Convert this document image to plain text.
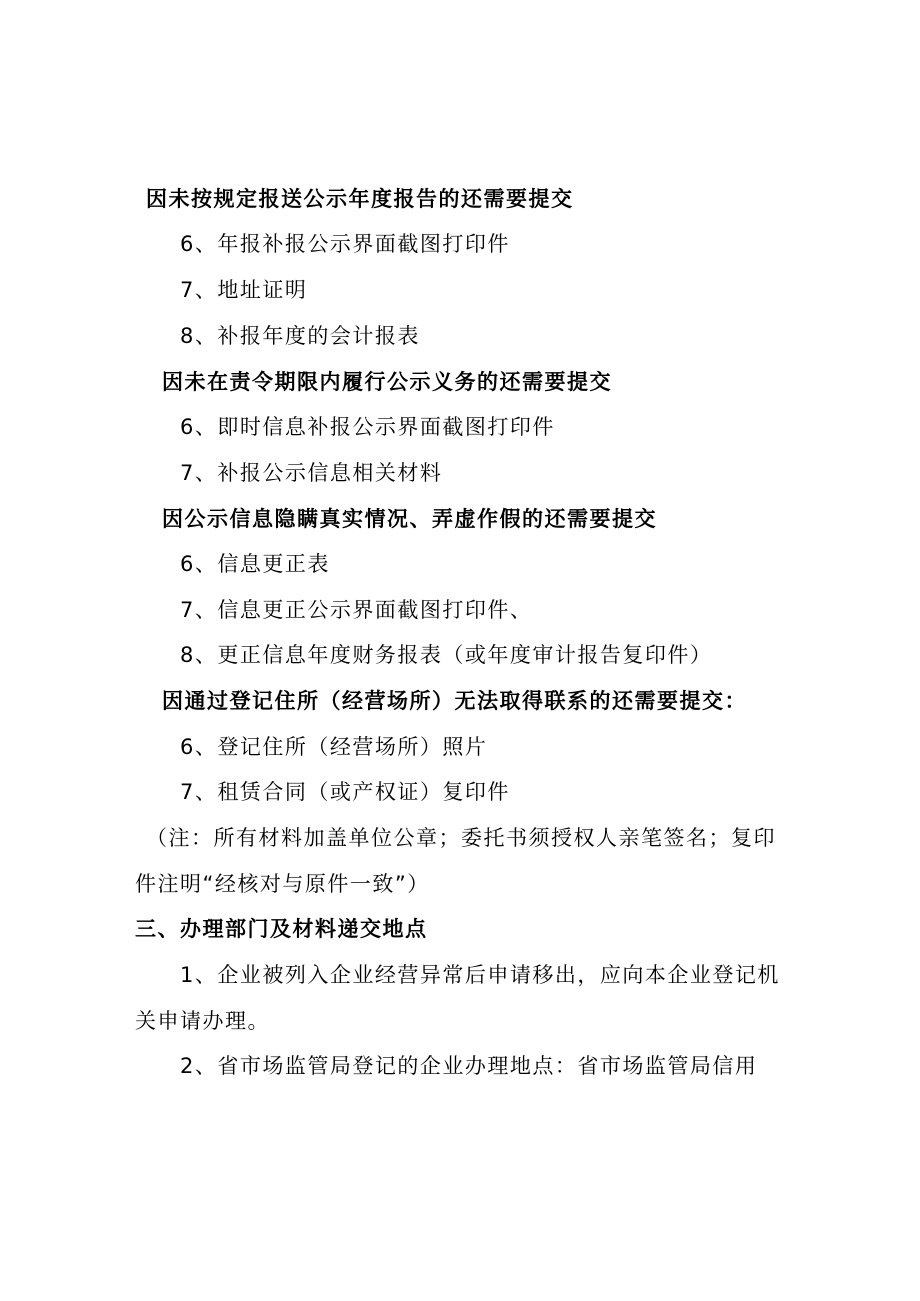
因未按规定报送公示年度报告的还需要提交
6、年报补报公示界面截图打印件
7、地址证明
8、补报年度的会计报表
因未在责令期限内履行公示义务的还需要提交
6、即时信息补报公示界面截图打印件
7、补报公示信息相关材料
因公示信息隐瞒真实情况、弄虚作假的还需要提交
6、信息更正表
7、信息更正公示界面截图打印件、
8、更正信息年度财务报表（或年度审计报告复印件）
因通过登记住所（经营场所）无法取得联系的还需要提交：
6、登记住所（经营场所）照片
7、租赁合同（或产权证）复印件
（注：所有材料加盖单位公章；委托书须授权人亲笔签名；复印
件注明“经核对与原件一致”）
三、办理部门及材料递交地点
1、企业被列入企业经营异常后申请移出，应向本企业登记机
关申请办理。
2、省市场监管局登记的企业办理地点：省市场监管局信用
